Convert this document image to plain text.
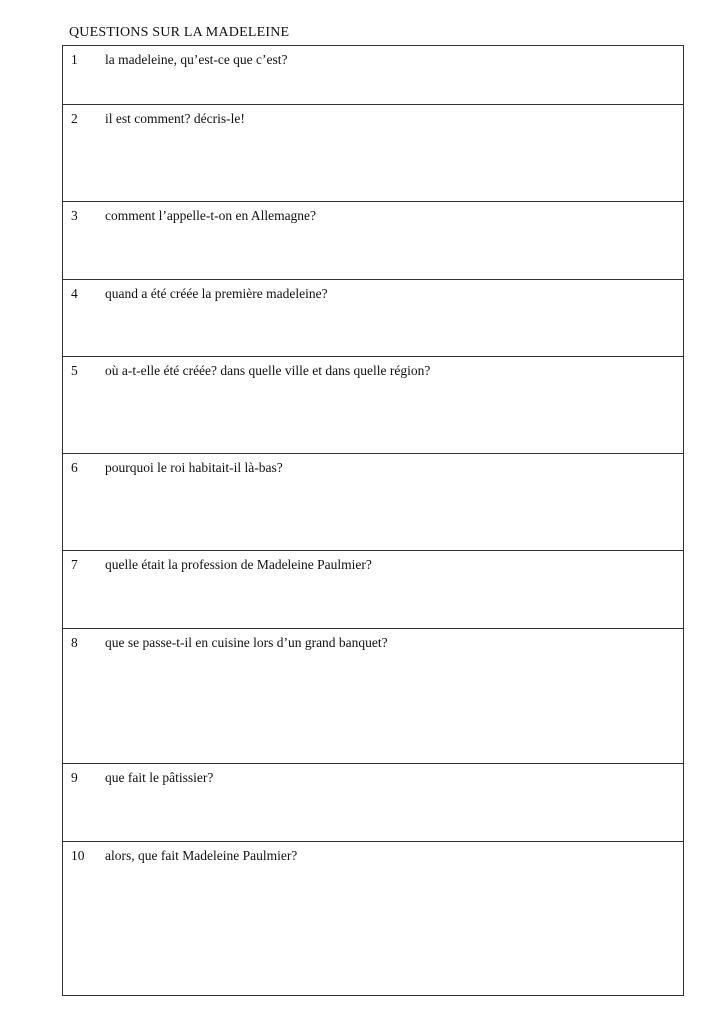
QUESTIONS SUR LA MADELEINE
1	la madeleine, qu’est-ce que c’est?

2	il est comment? décris-le!

3	comment l’appelle-t-on en Allemagne?

4	quand a été créée la première madeleine?

5	où a-t-elle été créée? dans quelle ville et dans quelle région?

6	pourquoi le roi habitait-il là-bas?

7	quelle était la profession de Madeleine Paulmier?

8	que se passe-t-il en cuisine lors d’un grand banquet?

9	que fait le pâtissier?

10	alors, que fait Madeleine Paulmier?
